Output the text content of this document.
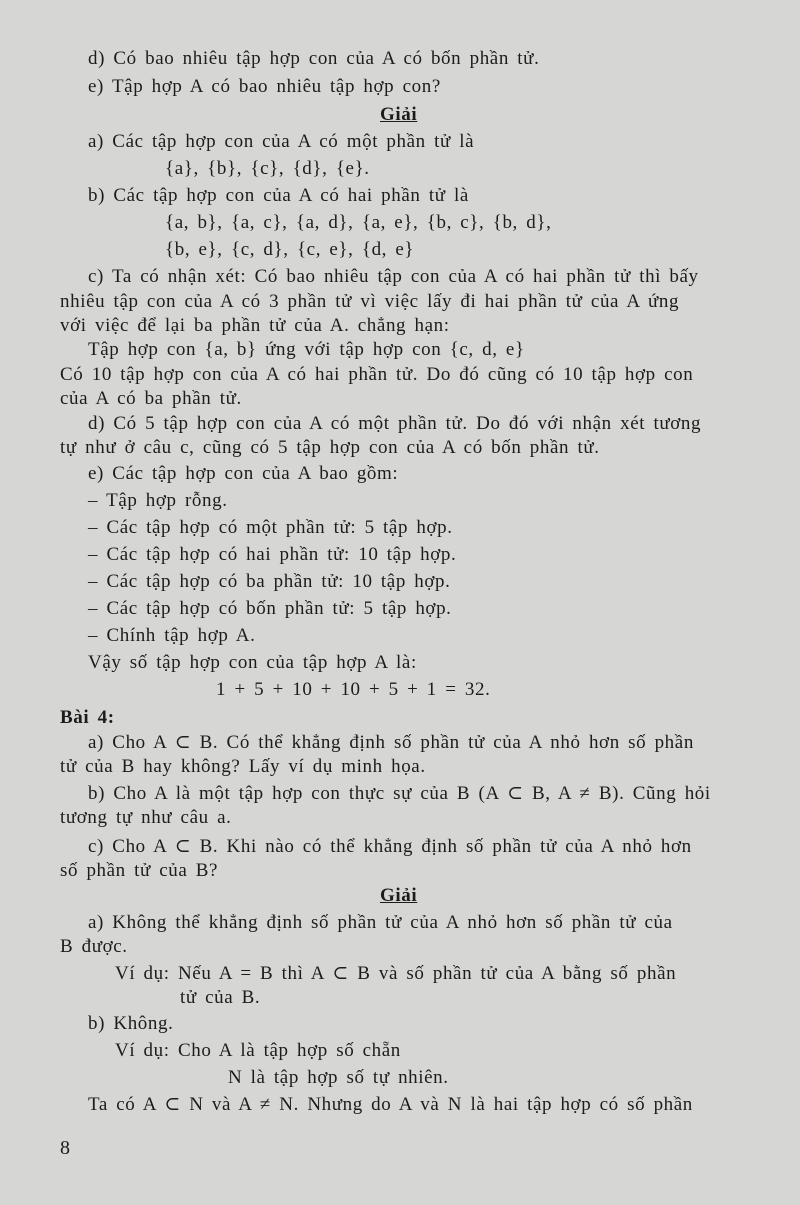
d) Có bao nhiêu tập hợp con của A có bốn phần tử.
e) Tập hợp A có bao nhiêu tập hợp con?
Giải
a) Các tập hợp con của A có một phần tử là
{a}, {b}, {c}, {d}, {e}.
b) Các tập hợp con của A có hai phần tử là
{a, b}, {a, c}, {a, d}, {a, e}, {b, c}, {b, d},
{b, e}, {c, d}, {c, e}, {d, e}
c) Ta có nhận xét: Có bao nhiêu tập con của A có hai phần tử thì bấy
nhiêu tập con của A có 3 phần tử vì việc lấy đi hai phần tử của A ứng
với việc để lại ba phần tử của A. chẳng hạn:
Tập hợp con {a, b} ứng với tập hợp con {c, d, e}
Có 10 tập hợp con của A có hai phần tử. Do đó cũng có 10 tập hợp con
của A có ba phần tử.
d) Có 5 tập hợp con của A có một phần tử. Do đó với nhận xét tương
tự như ở câu c, cũng có 5 tập hợp con của A có bốn phần tử.
e) Các tập hợp con của A bao gồm:
– Tập hợp rỗng.
– Các tập hợp có một phần tử: 5 tập hợp.
– Các tập hợp có hai phần tử: 10 tập hợp.
– Các tập hợp có ba phần tử: 10 tập hợp.
– Các tập hợp có bốn phần tử: 5 tập hợp.
– Chính tập hợp A.
Vậy số tập hợp con của tập hợp A là:
1 + 5 + 10 + 10 + 5 + 1 = 32.
Bài 4:
a) Cho A ⊂ B. Có thể khẳng định số phần tử của A nhỏ hơn số phần
tử của B hay không? Lấy ví dụ minh họa.
b) Cho A là một tập hợp con thực sự của B (A ⊂ B, A ≠ B). Cũng hỏi
tương tự như câu a.
c) Cho A ⊂ B. Khi nào có thể khẳng định số phần tử của A nhỏ hơn
số phần tử của B?
Giải
a) Không thể khẳng định số phần tử của A nhỏ hơn số phần tử của
B được.
Ví dụ: Nếu A = B thì A ⊂ B và số phần tử của A bằng số phần
tử của B.
b) Không.
Ví dụ: Cho A là tập hợp số chẵn
N là tập hợp số tự nhiên.
Ta có A ⊂ N và A ≠ N. Nhưng do A và N là hai tập hợp có số phần
8
